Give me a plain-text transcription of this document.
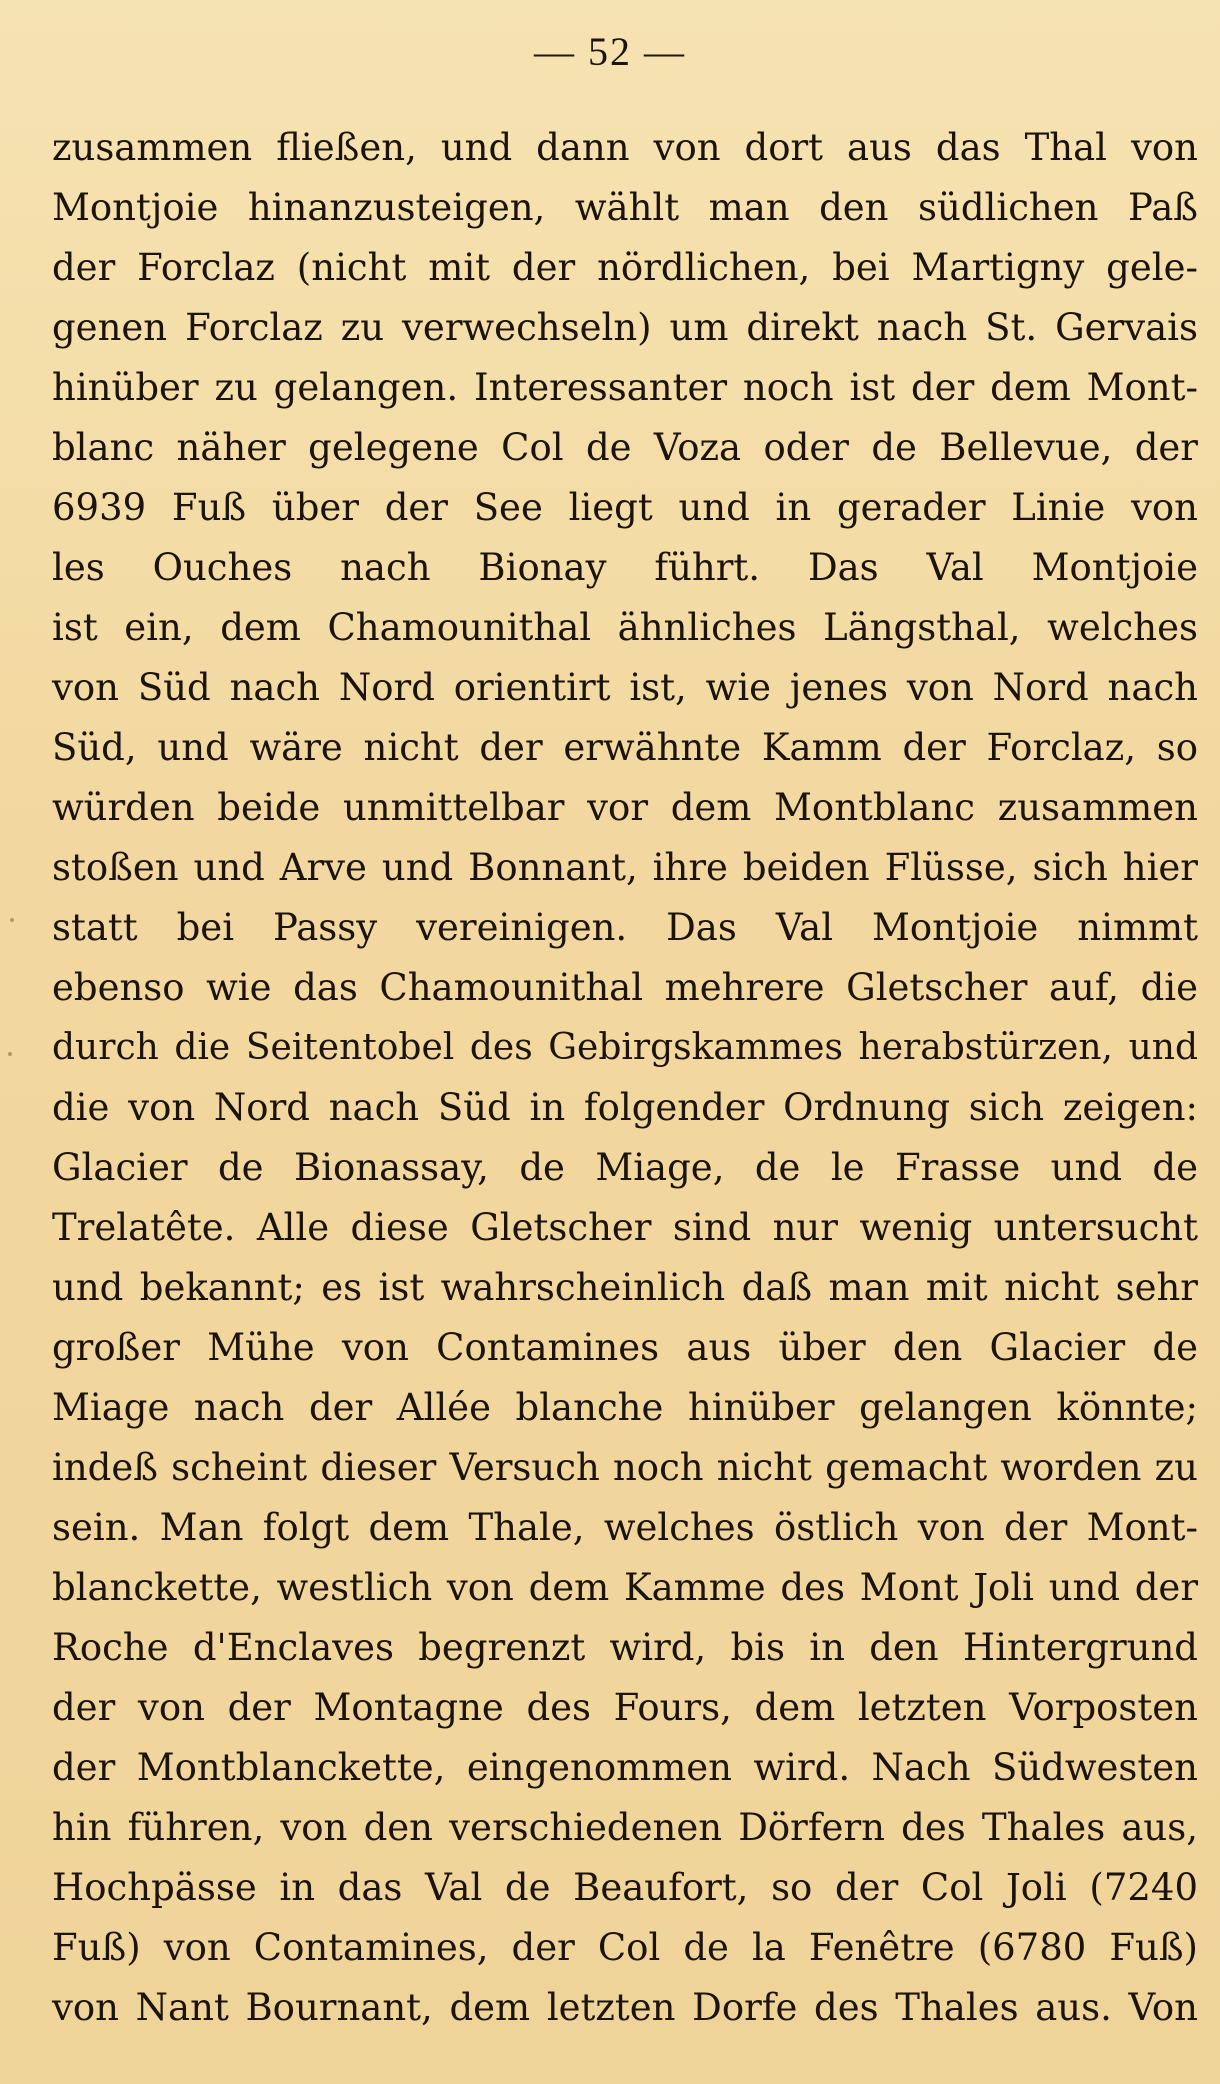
— 52 —
zusammen fließen, und dann von dort aus das Thal von
Montjoie hinanzusteigen, wählt man den südlichen Paß
der Forclaz (nicht mit der nördlichen, bei Martigny gele-
genen Forclaz zu verwechseln) um direkt nach St. Gervais
hinüber zu gelangen. Interessanter noch ist der dem Mont-
blanc näher gelegene Col de Voza oder de Bellevue, der
6939 Fuß über der See liegt und in gerader Linie von
les Ouches nach Bionay führt. Das Val Montjoie
ist ein, dem Chamounithal ähnliches Längsthal, welches
von Süd nach Nord orientirt ist, wie jenes von Nord nach
Süd, und wäre nicht der erwähnte Kamm der Forclaz, so
würden beide unmittelbar vor dem Montblanc zusammen
stoßen und Arve und Bonnant, ihre beiden Flüsse, sich hier
statt bei Passy vereinigen. Das Val Montjoie nimmt
ebenso wie das Chamounithal mehrere Gletscher auf, die
durch die Seitentobel des Gebirgskammes herabstürzen, und
die von Nord nach Süd in folgender Ordnung sich zeigen:
Glacier de Bionassay, de Miage, de le Frasse und de
Trelatête. Alle diese Gletscher sind nur wenig untersucht
und bekannt; es ist wahrscheinlich daß man mit nicht sehr
großer Mühe von Contamines aus über den Glacier de
Miage nach der Allée blanche hinüber gelangen könnte;
indeß scheint dieser Versuch noch nicht gemacht worden zu
sein. Man folgt dem Thale, welches östlich von der Mont-
blanckette, westlich von dem Kamme des Mont Joli und der
Roche d'Enclaves begrenzt wird, bis in den Hintergrund
der von der Montagne des Fours, dem letzten Vorposten
der Montblanckette, eingenommen wird. Nach Südwesten
hin führen, von den verschiedenen Dörfern des Thales aus,
Hochpässe in das Val de Beaufort, so der Col Joli (7240
Fuß) von Contamines, der Col de la Fenêtre (6780 Fuß)
von Nant Bournant, dem letzten Dorfe des Thales aus. Von
